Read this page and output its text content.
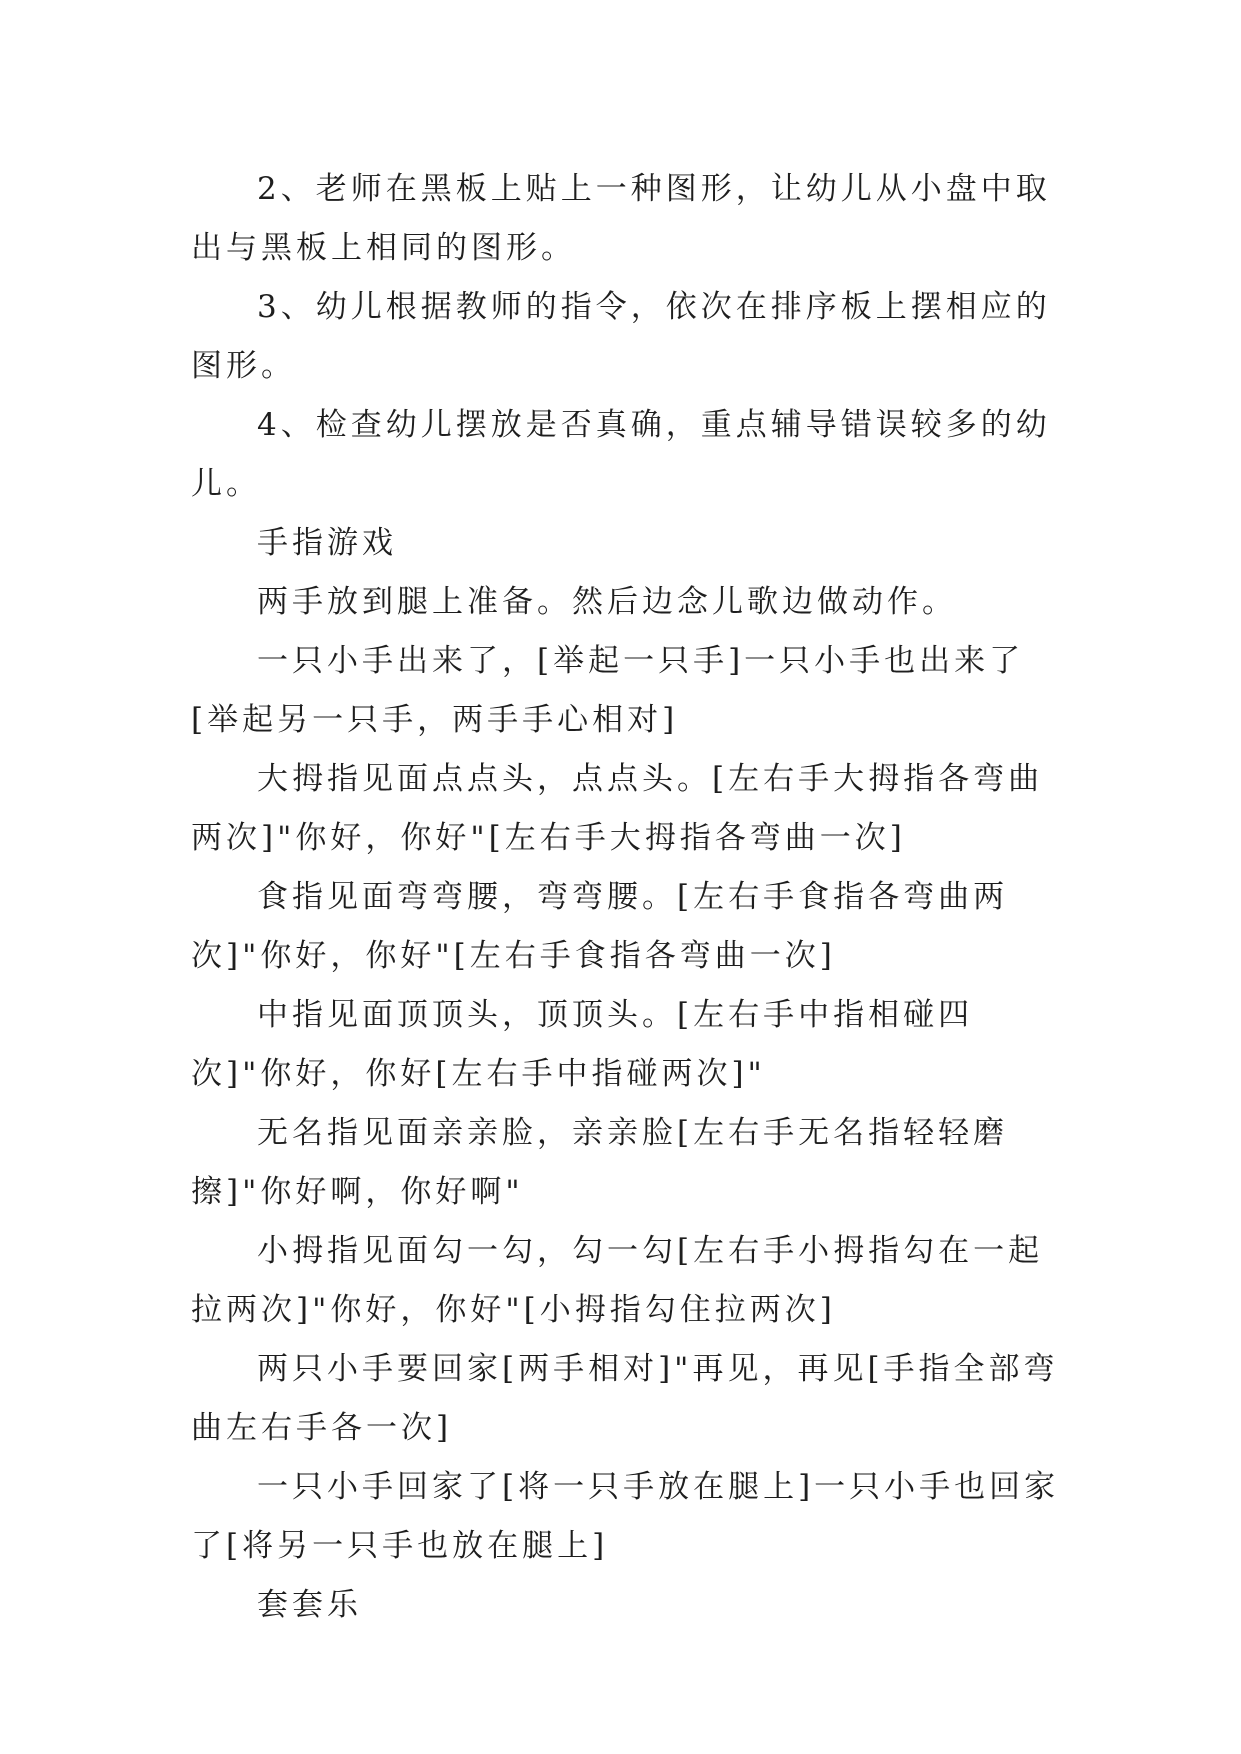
2、老师在黑板上贴上一种图形，让幼儿从小盘中取出与黑板上相同的图形。

3、幼儿根据教师的指令，依次在排序板上摆相应的图形。

4、检查幼儿摆放是否真确，重点辅导错误较多的幼儿。

手指游戏

两手放到腿上准备。然后边念儿歌边做动作。

一只小手出来了，[举起一只手]一只小手也出来了[举起另一只手，两手手心相对]

大拇指见面点点头，点点头。[左右手大拇指各弯曲两次]"你好，你好"[左右手大拇指各弯曲一次]

食指见面弯弯腰，弯弯腰。[左右手食指各弯曲两次]"你好，你好"[左右手食指各弯曲一次]

中指见面顶顶头，顶顶头。[左右手中指相碰四次]"你好，你好[左右手中指碰两次]"

无名指见面亲亲脸，亲亲脸[左右手无名指轻轻磨擦]"你好啊，你好啊"

小拇指见面勾一勾，勾一勾[左右手小拇指勾在一起拉两次]"你好，你好"[小拇指勾住拉两次]

两只小手要回家[两手相对]"再见，再见[手指全部弯曲左右手各一次]

一只小手回家了[将一只手放在腿上]一只小手也回家了[将另一只手也放在腿上]

套套乐
